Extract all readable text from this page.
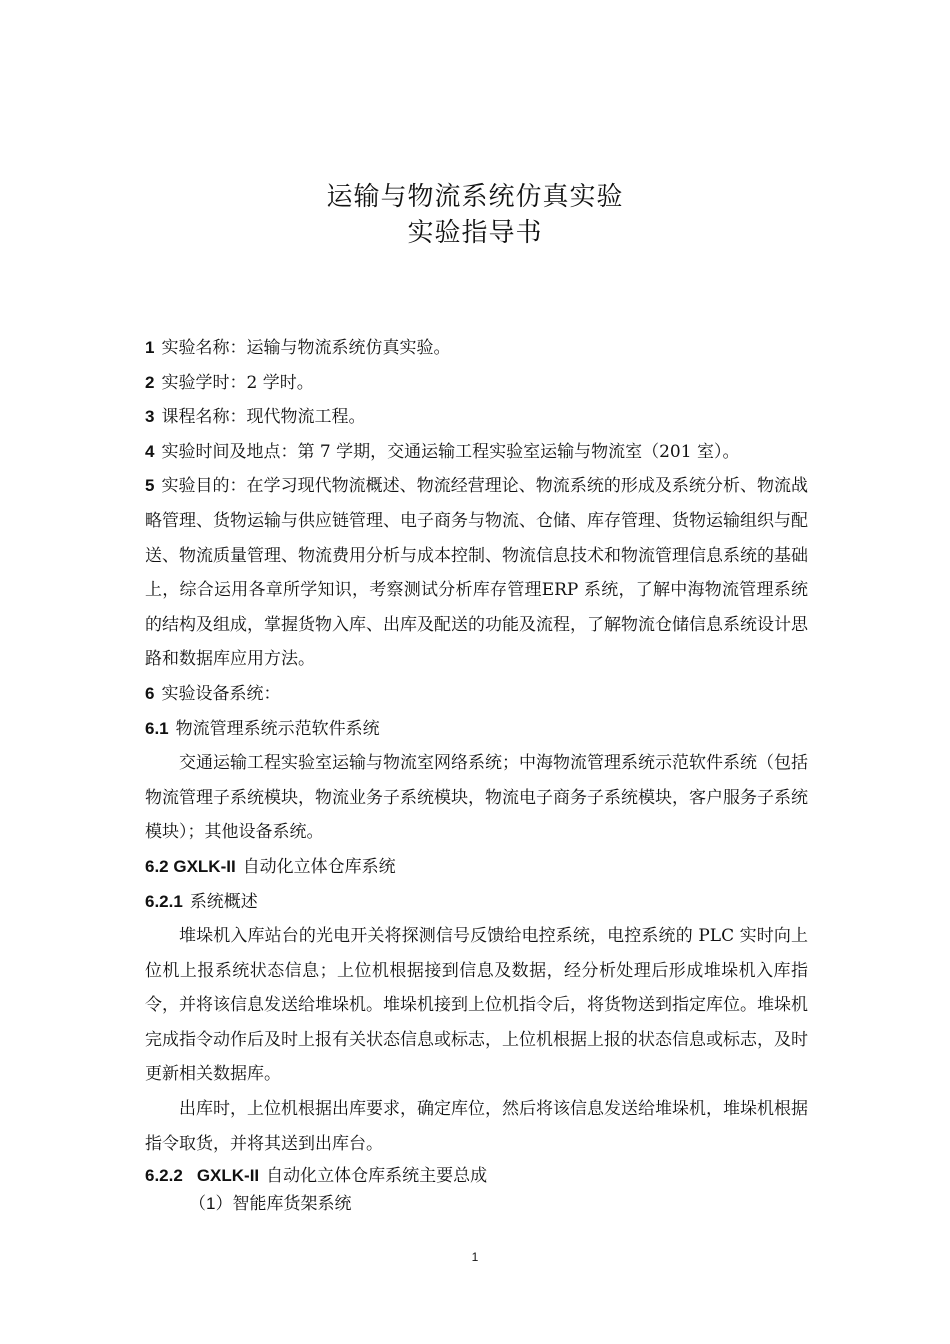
运输与物流系统仿真实验
实验指导书

1 实验名称：运输与物流系统仿真实验。

2 实验学时：2 学时。

3 课程名称：现代物流工程。

4 实验时间及地点：第 7 学期，交通运输工程实验室运输与物流室（201 室）。

5 实验目的：在学习现代物流概述、物流经营理论、物流系统的形成及系统分析、物流战略管理、货物运输与供应链管理、电子商务与物流、仓储、库存管理、货物运输组织与配送、物流质量管理、物流费用分析与成本控制、物流信息技术和物流管理信息系统的基础上，综合运用各章所学知识，考察测试分析库存管理ERP 系统，了解中海物流管理系统的结构及组成，掌握货物入库、出库及配送的功能及流程，了解物流仓储信息系统设计思路和数据库应用方法。

6 实验设备系统：

6.1 物流管理系统示范软件系统

交通运输工程实验室运输与物流室网络系统；中海物流管理系统示范软件系统（包括物流管理子系统模块，物流业务子系统模块，物流电子商务子系统模块，客户服务子系统模块）；其他设备系统。

6.2 GXLK-II 自动化立体仓库系统

6.2.1 系统概述

堆垛机入库站台的光电开关将探测信号反馈给电控系统，电控系统的 PLC 实时向上位机上报系统状态信息；上位机根据接到信息及数据，经分析处理后形成堆垛机入库指令，并将该信息发送给堆垛机。堆垛机接到上位机指令后，将货物送到指定库位。堆垛机完成指令动作后及时上报有关状态信息或标志，上位机根据上报的状态信息或标志，及时更新相关数据库。

出库时，上位机根据出库要求，确定库位，然后将该信息发送给堆垛机，堆垛机根据指令取货，并将其送到出库台。

6.2.2 GXLK-II 自动化立体仓库系统主要总成

（1）智能库货架系统

1
